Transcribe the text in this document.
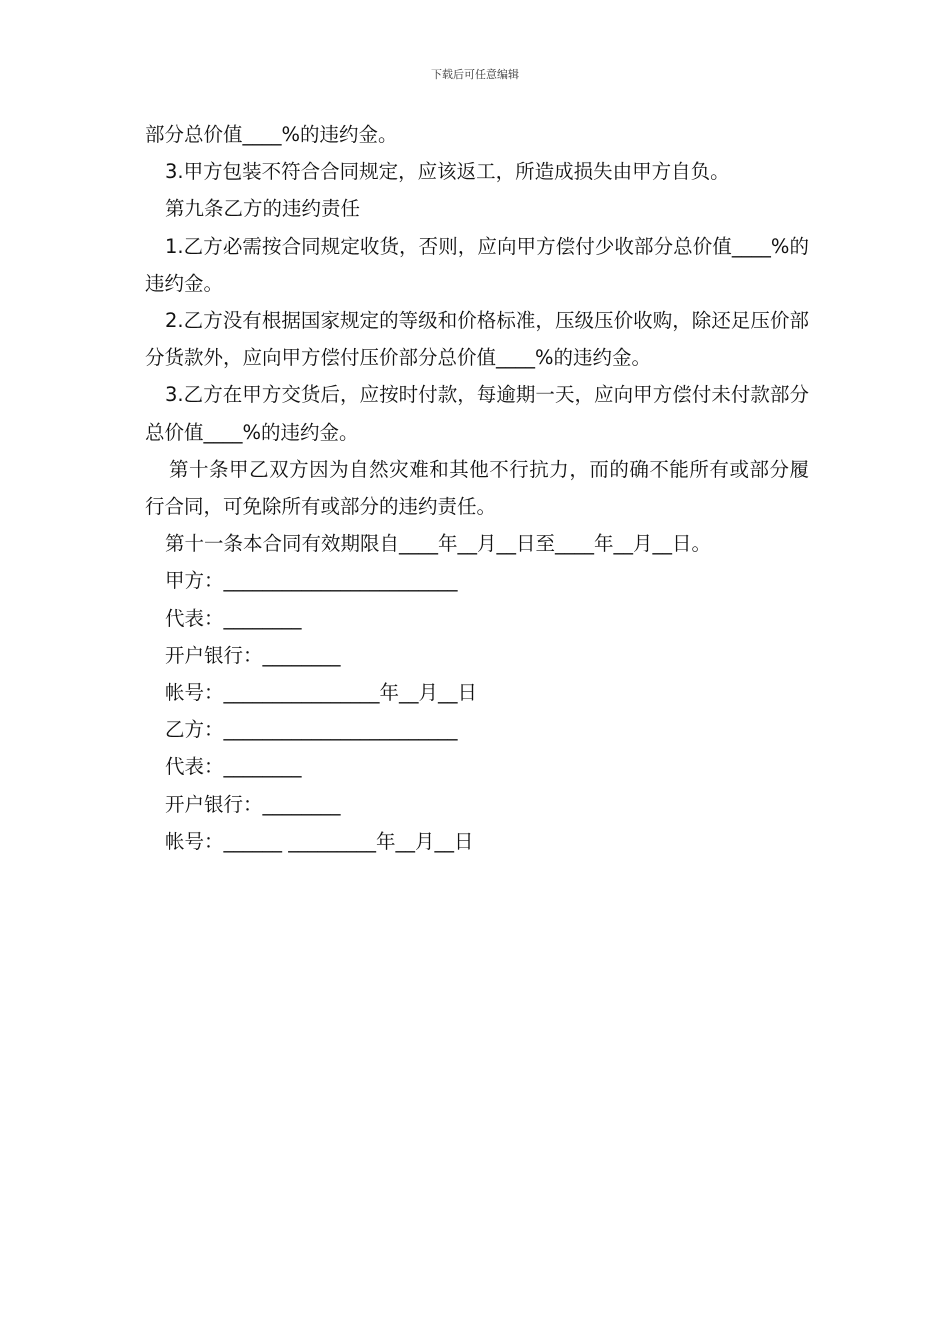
下载后可任意编辑

部分总价值____%的违约金。

3.甲方包装不符合合同规定，应该返工，所造成损失由甲方自负。

第九条乙方的违约责任

1.乙方必需按合同规定收货，否则，应向甲方偿付少收部分总价值____%的违约金。

2.乙方没有根据国家规定的等级和价格标准，压级压价收购，除还足压价部分货款外，应向甲方偿付压价部分总价值____%的违约金。

3.乙方在甲方交货后，应按时付款，每逾期一天，应向甲方偿付未付款部分总价值____%的违约金。

第十条甲乙双方因为自然灾难和其他不行抗力，而的确不能所有或部分履行合同，可免除所有或部分的违约责任。

第十一条本合同有效期限自____年__月__日至____年__月__日。

甲方：________________________

代表：________

开户银行：________

帐号：________________年__月__日

乙方：________________________

代表：________

开户银行：________

帐号：______ _________年__月__日
